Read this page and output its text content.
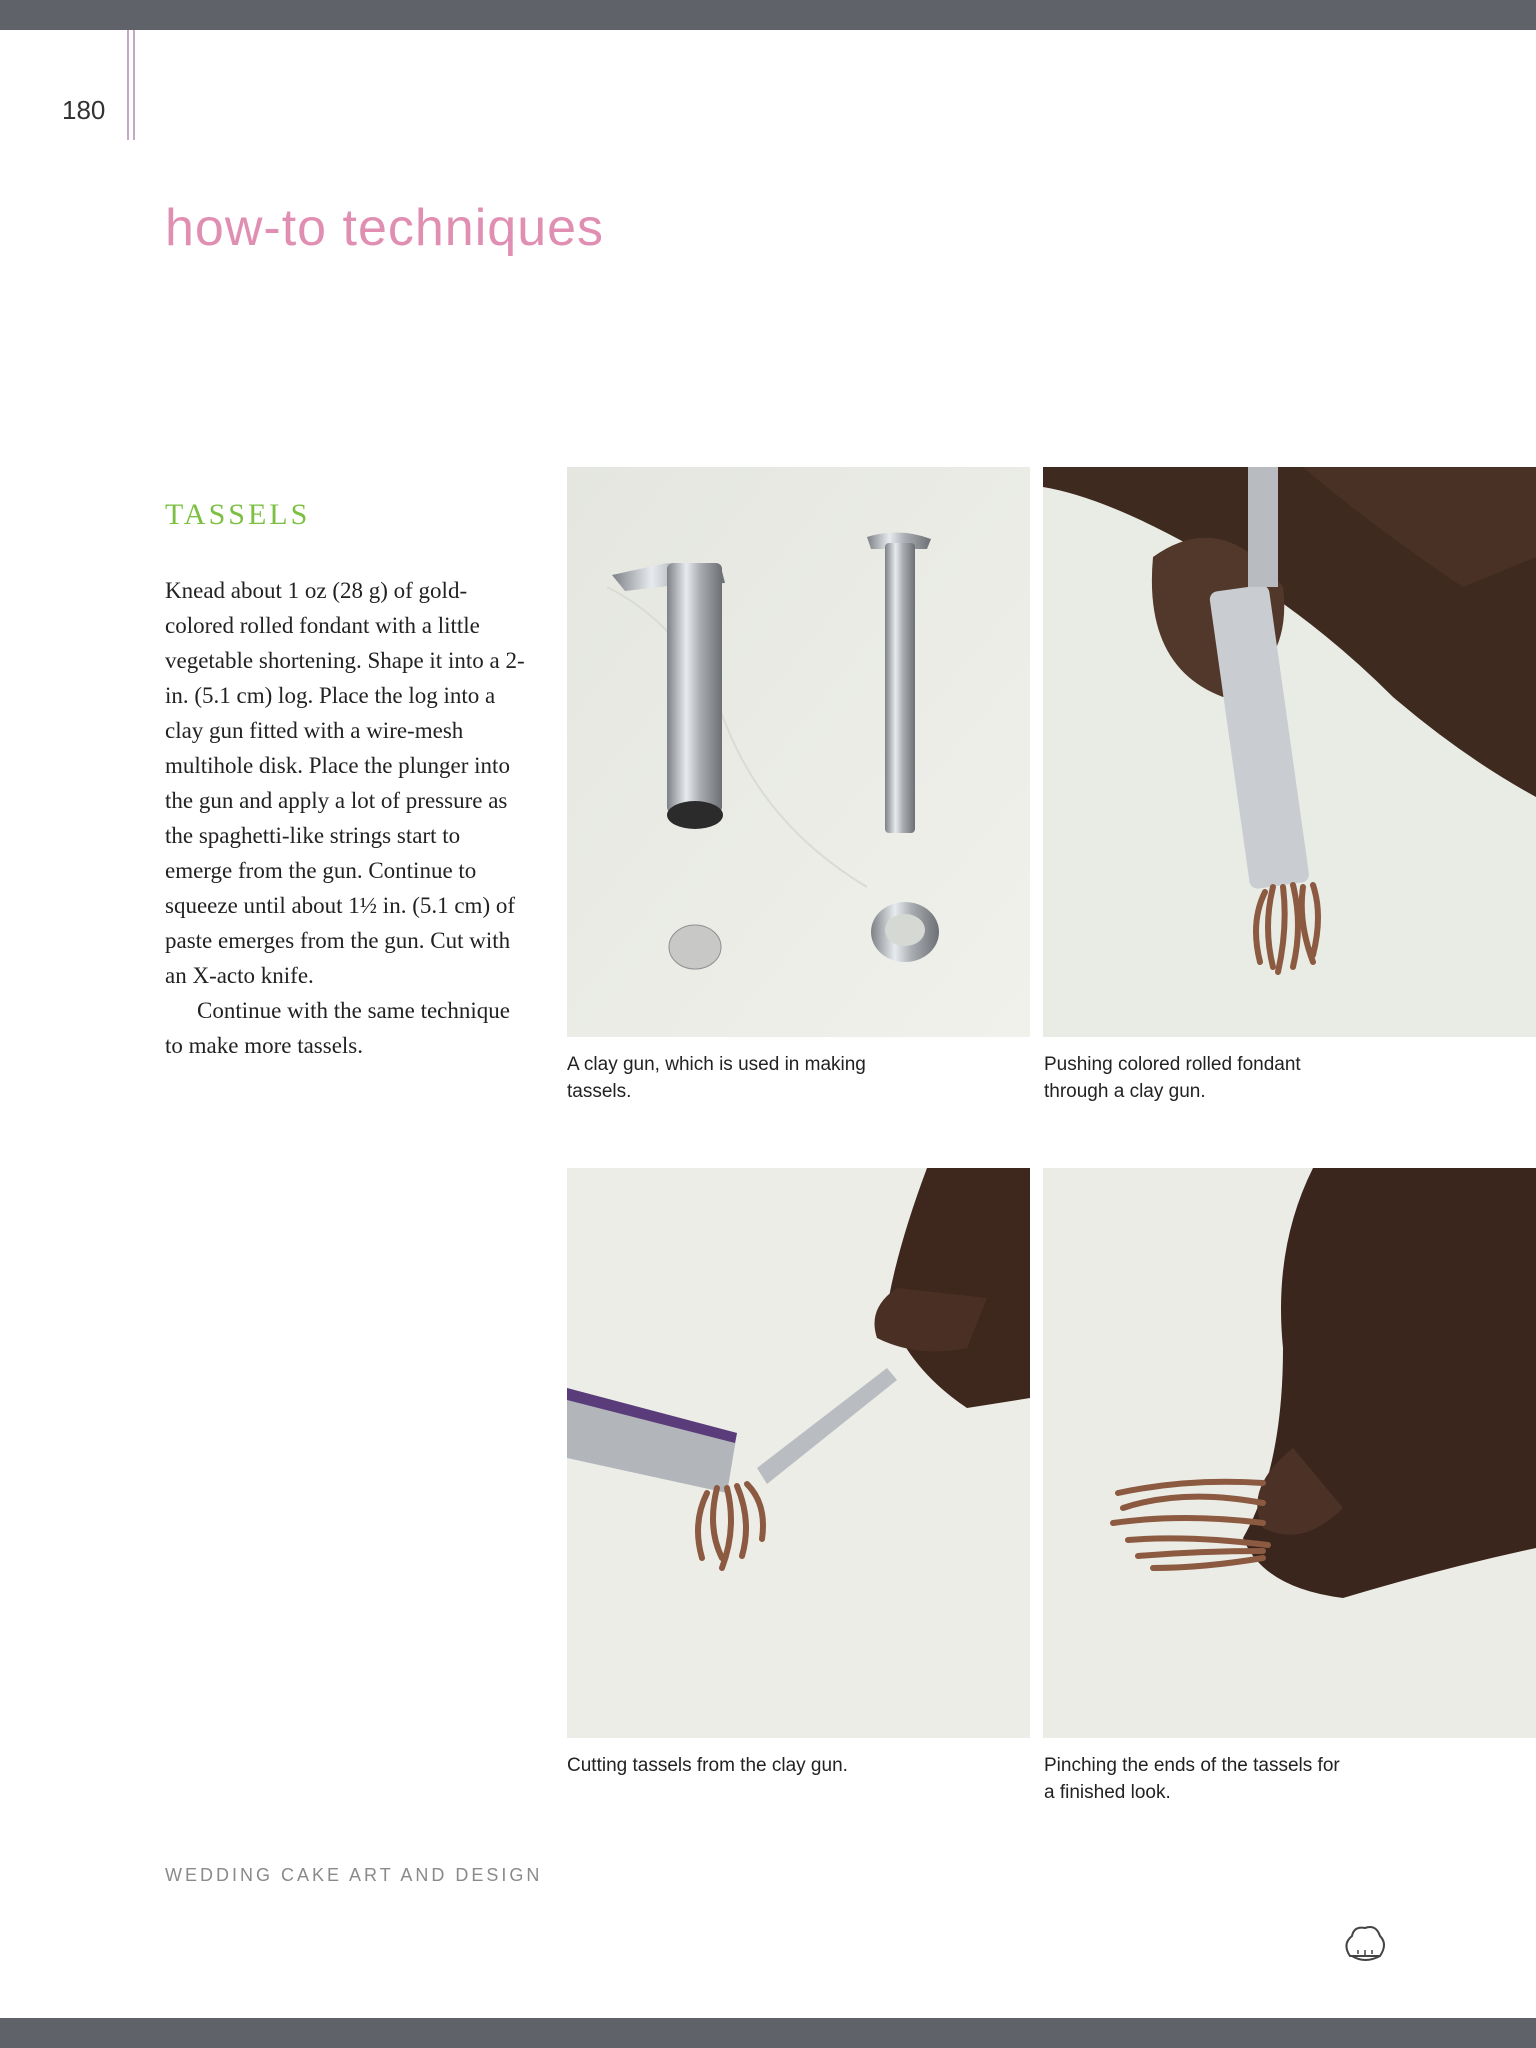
180
how-to techniques
TASSELS

Knead about 1 oz (28 g) of gold-colored rolled fondant with a little vegetable shortening. Shape it into a 2-in. (5.1 cm) log. Place the log into a clay gun fitted with a wire-mesh multihole disk. Place the plunger into the gun and apply a lot of pressure as the spaghetti-like strings start to emerge from the gun. Continue to squeeze until about 1½ in. (5.1 cm) of paste emerges from the gun. Cut with an X-acto knife.

Continue with the same technique to make more tassels.

A clay gun, which is used in making tassels.
Pushing colored rolled fondant through a clay gun.
Cutting tassels from the clay gun.	Pinching the ends of the tassels for a finished look.
WEDDING CAKE ART AND DESIGN
